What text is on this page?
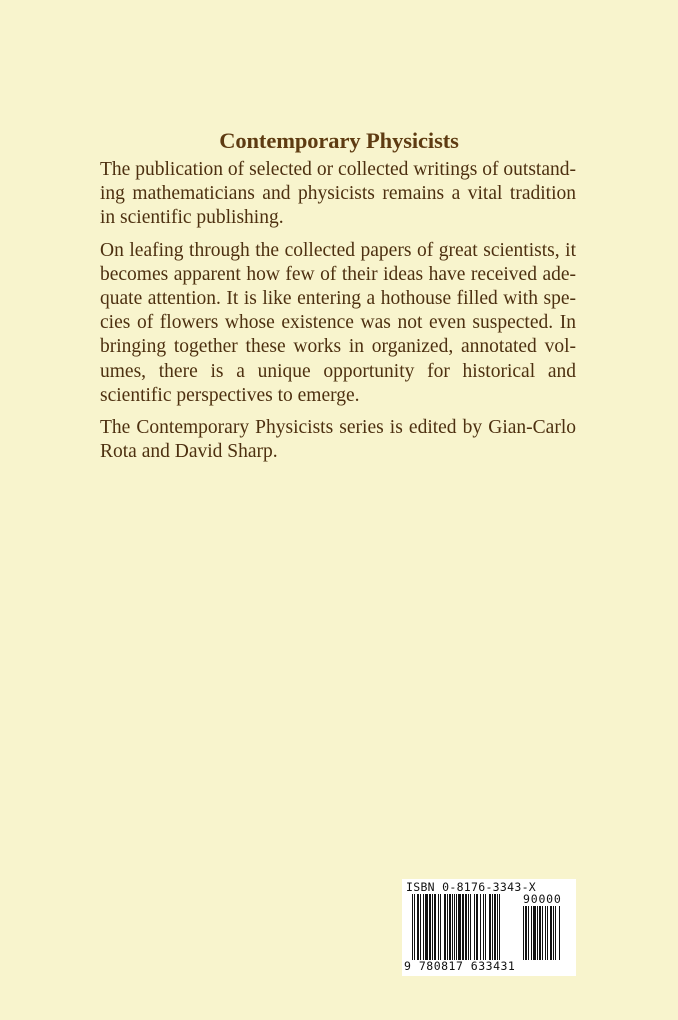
Contemporary Physicists

The publication of selected or collected writings of outstanding mathematicians and physicists remains a vital tradition in scientific publishing.

On leafing through the collected papers of great scientists, it becomes apparent how few of their ideas have received adequate attention. It is like entering a hothouse filled with species of flowers whose existence was not even suspected. In bringing together these works in organized, annotated volumes, there is a unique opportunity for historical and scientific perspectives to emerge.

The Contemporary Physicists series is edited by Gian-Carlo Rota and David Sharp.

ISBN 0-8176-3343-X
90000
9 780817 633431
